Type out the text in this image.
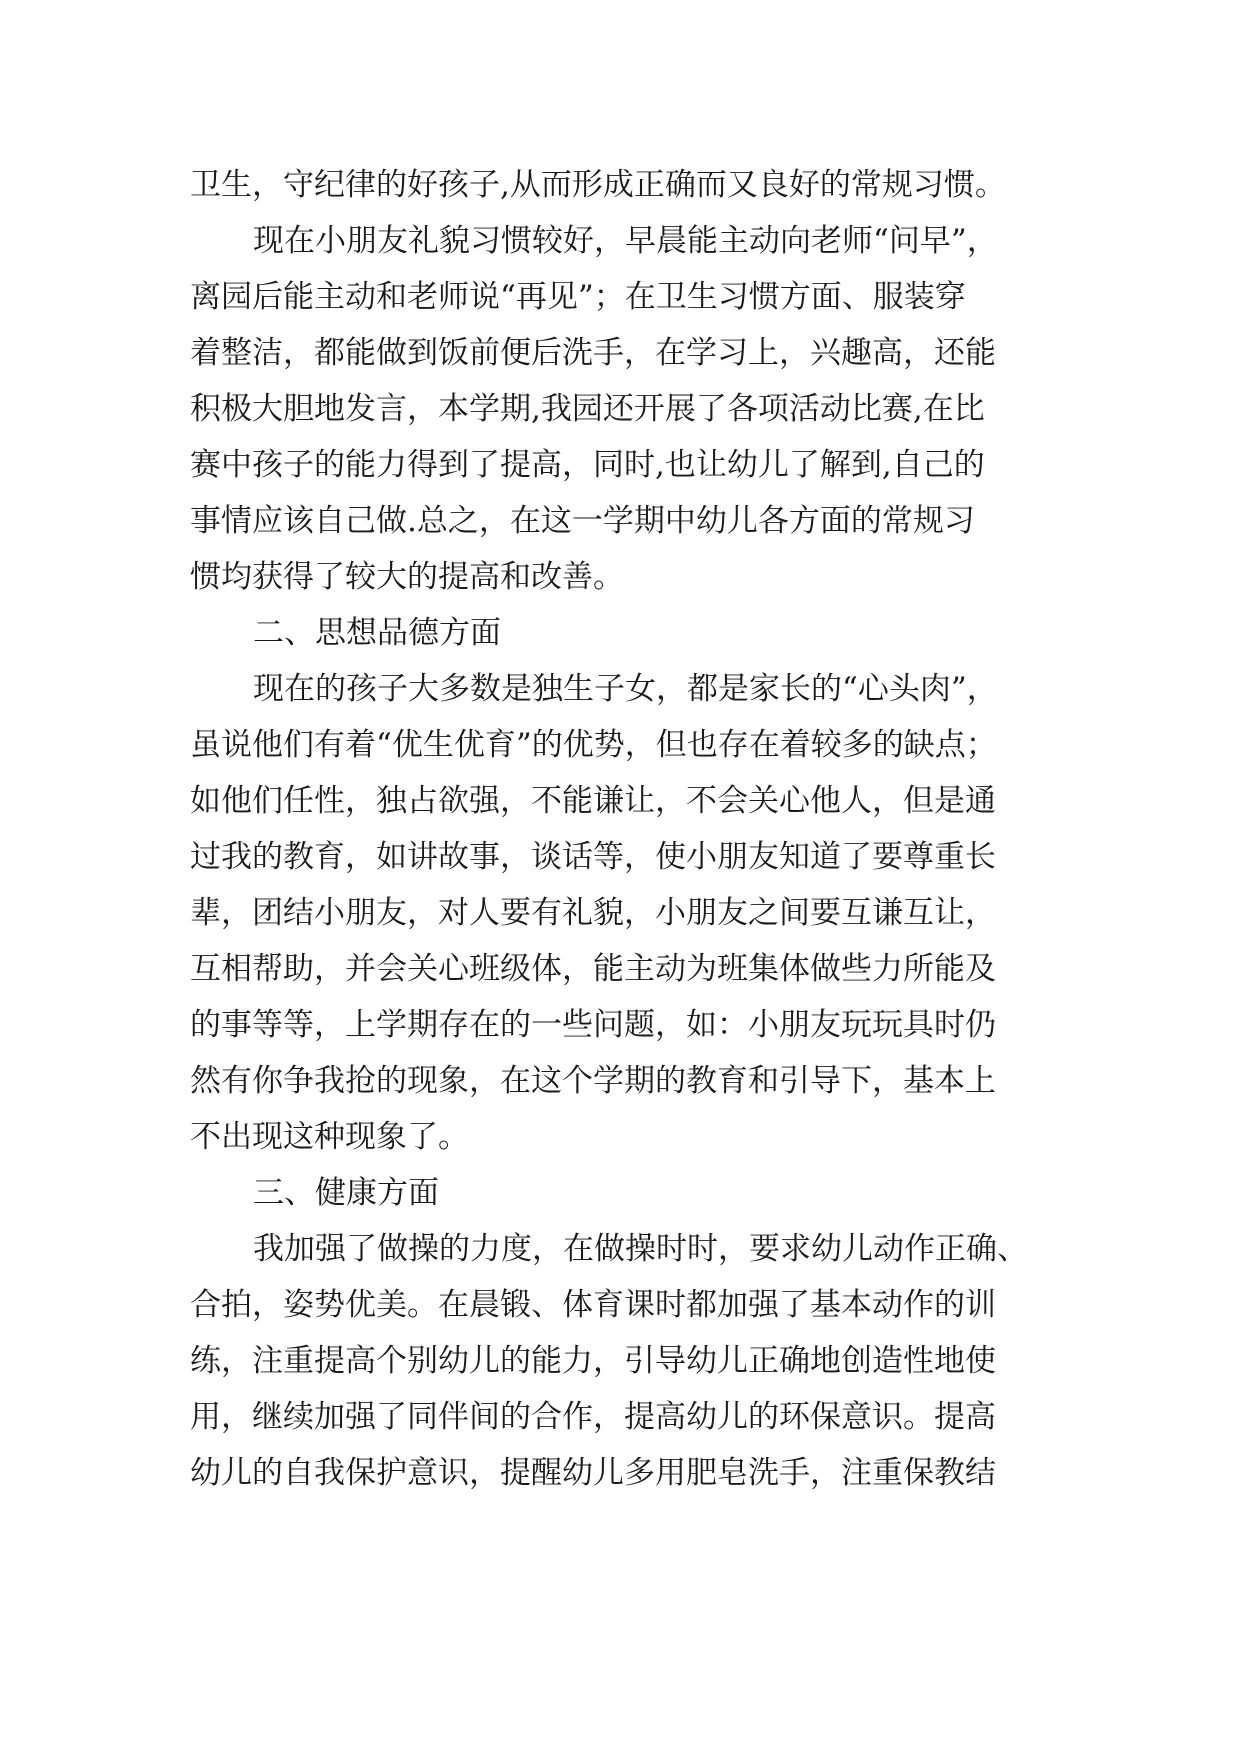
卫生，守纪律的好孩子,从而形成正确而又良好的常规习惯。
现在小朋友礼貌习惯较好，早晨能主动向老师“问早”，
离园后能主动和老师说“再见”；在卫生习惯方面、服装穿
着整洁，都能做到饭前便后洗手，在学习上，兴趣高，还能
积极大胆地发言，本学期,我园还开展了各项活动比赛,在比
赛中孩子的能力得到了提高，同时,也让幼儿了解到,自己的
事情应该自己做.总之，在这一学期中幼儿各方面的常规习
惯均获得了较大的提高和改善。
二、思想品德方面
现在的孩子大多数是独生子女，都是家长的“心头肉”，
虽说他们有着“优生优育”的优势，但也存在着较多的缺点；
如他们任性，独占欲强，不能谦让，不会关心他人，但是通
过我的教育，如讲故事，谈话等，使小朋友知道了要尊重长
辈，团结小朋友，对人要有礼貌，小朋友之间要互谦互让，
互相帮助，并会关心班级体，能主动为班集体做些力所能及
的事等等，上学期存在的一些问题，如：小朋友玩玩具时仍
然有你争我抢的现象，在这个学期的教育和引导下，基本上
不出现这种现象了。
三、健康方面
我加强了做操的力度，在做操时时，要求幼儿动作正确、
合拍，姿势优美。在晨锻、体育课时都加强了基本动作的训
练，注重提高个别幼儿的能力，引导幼儿正确地创造性地使
用，继续加强了同伴间的合作，提高幼儿的环保意识。提高
幼儿的自我保护意识，提醒幼儿多用肥皂洗手，注重保教结
